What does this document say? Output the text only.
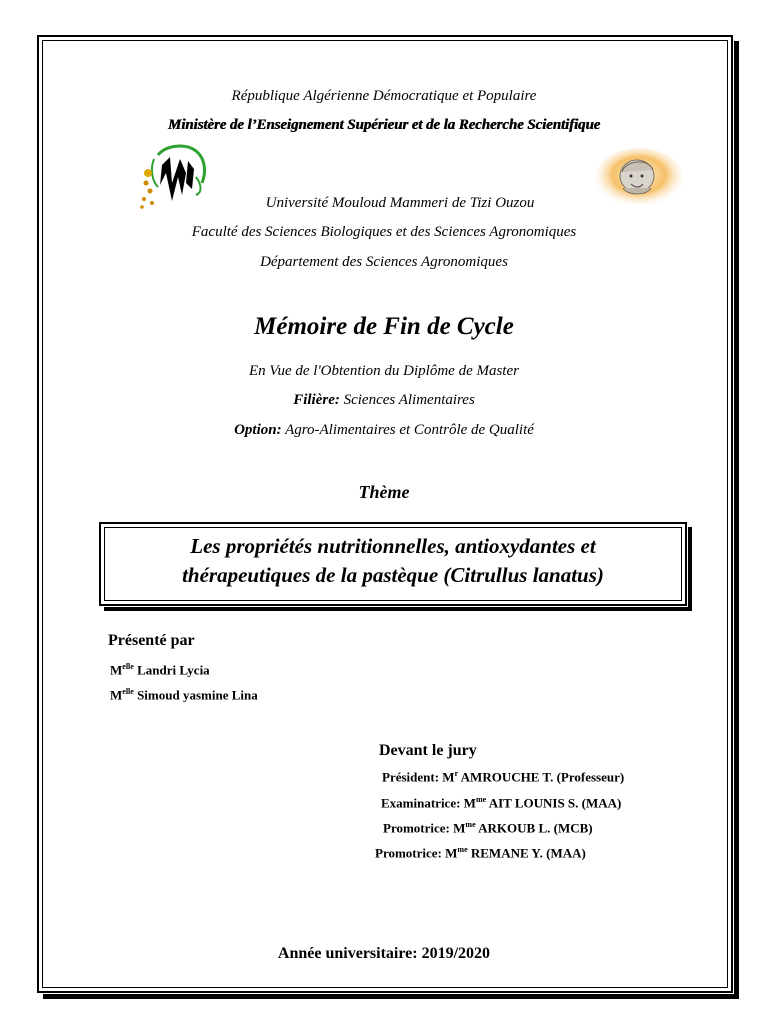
République Algérienne Démocratique et Populaire
Ministère de l’Enseignement Supérieur et de la Recherche Scientifique
Université Mouloud Mammeri de Tizi Ouzou
Faculté des Sciences Biologiques et des Sciences Agronomiques
Département des Sciences Agronomiques
Mémoire de Fin de Cycle
En Vue de l'Obtention du Diplôme de Master
Filière: Sciences Alimentaires
Option: Agro-Alimentaires et Contrôle de Qualité
Thème
Les propriétés nutritionnelles, antioxydantes et
thérapeutiques de la pastèque (Citrullus lanatus)
Présenté par
$M^{elle}$ Landri Lycia
$M^{elle}$ Simoud yasmine Lina
Devant le jury
Président: $M^r$ AMROUCHE T. (Professeur)
Examinatrice: $M^{me}$ AIT LOUNIS S. (MAA)
Promotrice: $M^{me}$ ARKOUB L. (MCB)
Promotrice: $M^{me}$ REMANE Y. (MAA)
Année universitaire: 2019/2020
